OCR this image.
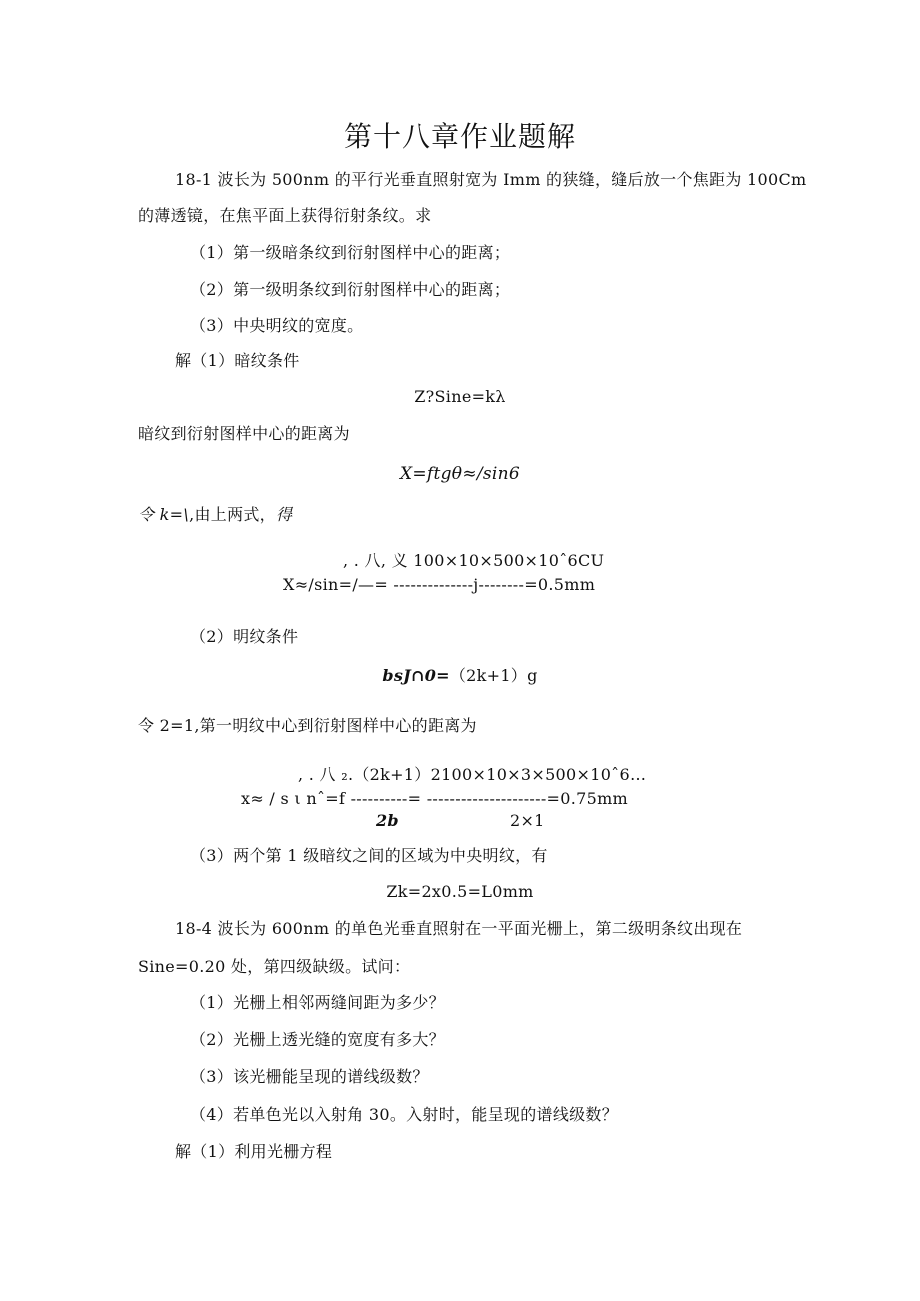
第十八章作业题解
18-1 波长为 500nm 的平行光垂直照射宽为 Imm 的狭缝，缝后放一个焦距为 100Cm
的薄透镜，在焦平面上获得衍射条纹。求
（1）第一级暗条纹到衍射图样中心的距离；
（2）第一级明条纹到衍射图样中心的距离；
（3）中央明纹的宽度。
解（1）暗纹条件
Z?Sine=kλ
暗纹到衍射图样中心的距离为
X=ftgθ≈/sin6
令 k=\,由上两式，得
, . 八, 义 100×10×500×10ˆ6CU
X≈/sin=/—= --------------j--------=0.5mm
（2）明纹条件
bsJ∩0=（2k+1）g
令 2=1,第一明纹中心到衍射图样中心的距离为
, . 八 ₂.（2k+1）2100×10×3×500×10ˆ6…
x≈ / s ι nˆ=f ----------= ---------------------=0.75mm
2b	2×1
（3）两个第 1 级暗纹之间的区域为中央明纹，有
Zk=2x0.5=L0mm
18-4 波长为 600nm 的单色光垂直照射在一平面光栅上，第二级明条纹出现在
Sine=0.20 处，第四级缺级。试问：
（1）光栅上相邻两缝间距为多少？
（2）光栅上透光缝的宽度有多大？
（3）该光栅能呈现的谱线级数？
（4）若单色光以入射角 30。入射时，能呈现的谱线级数？
解（1）利用光栅方程
